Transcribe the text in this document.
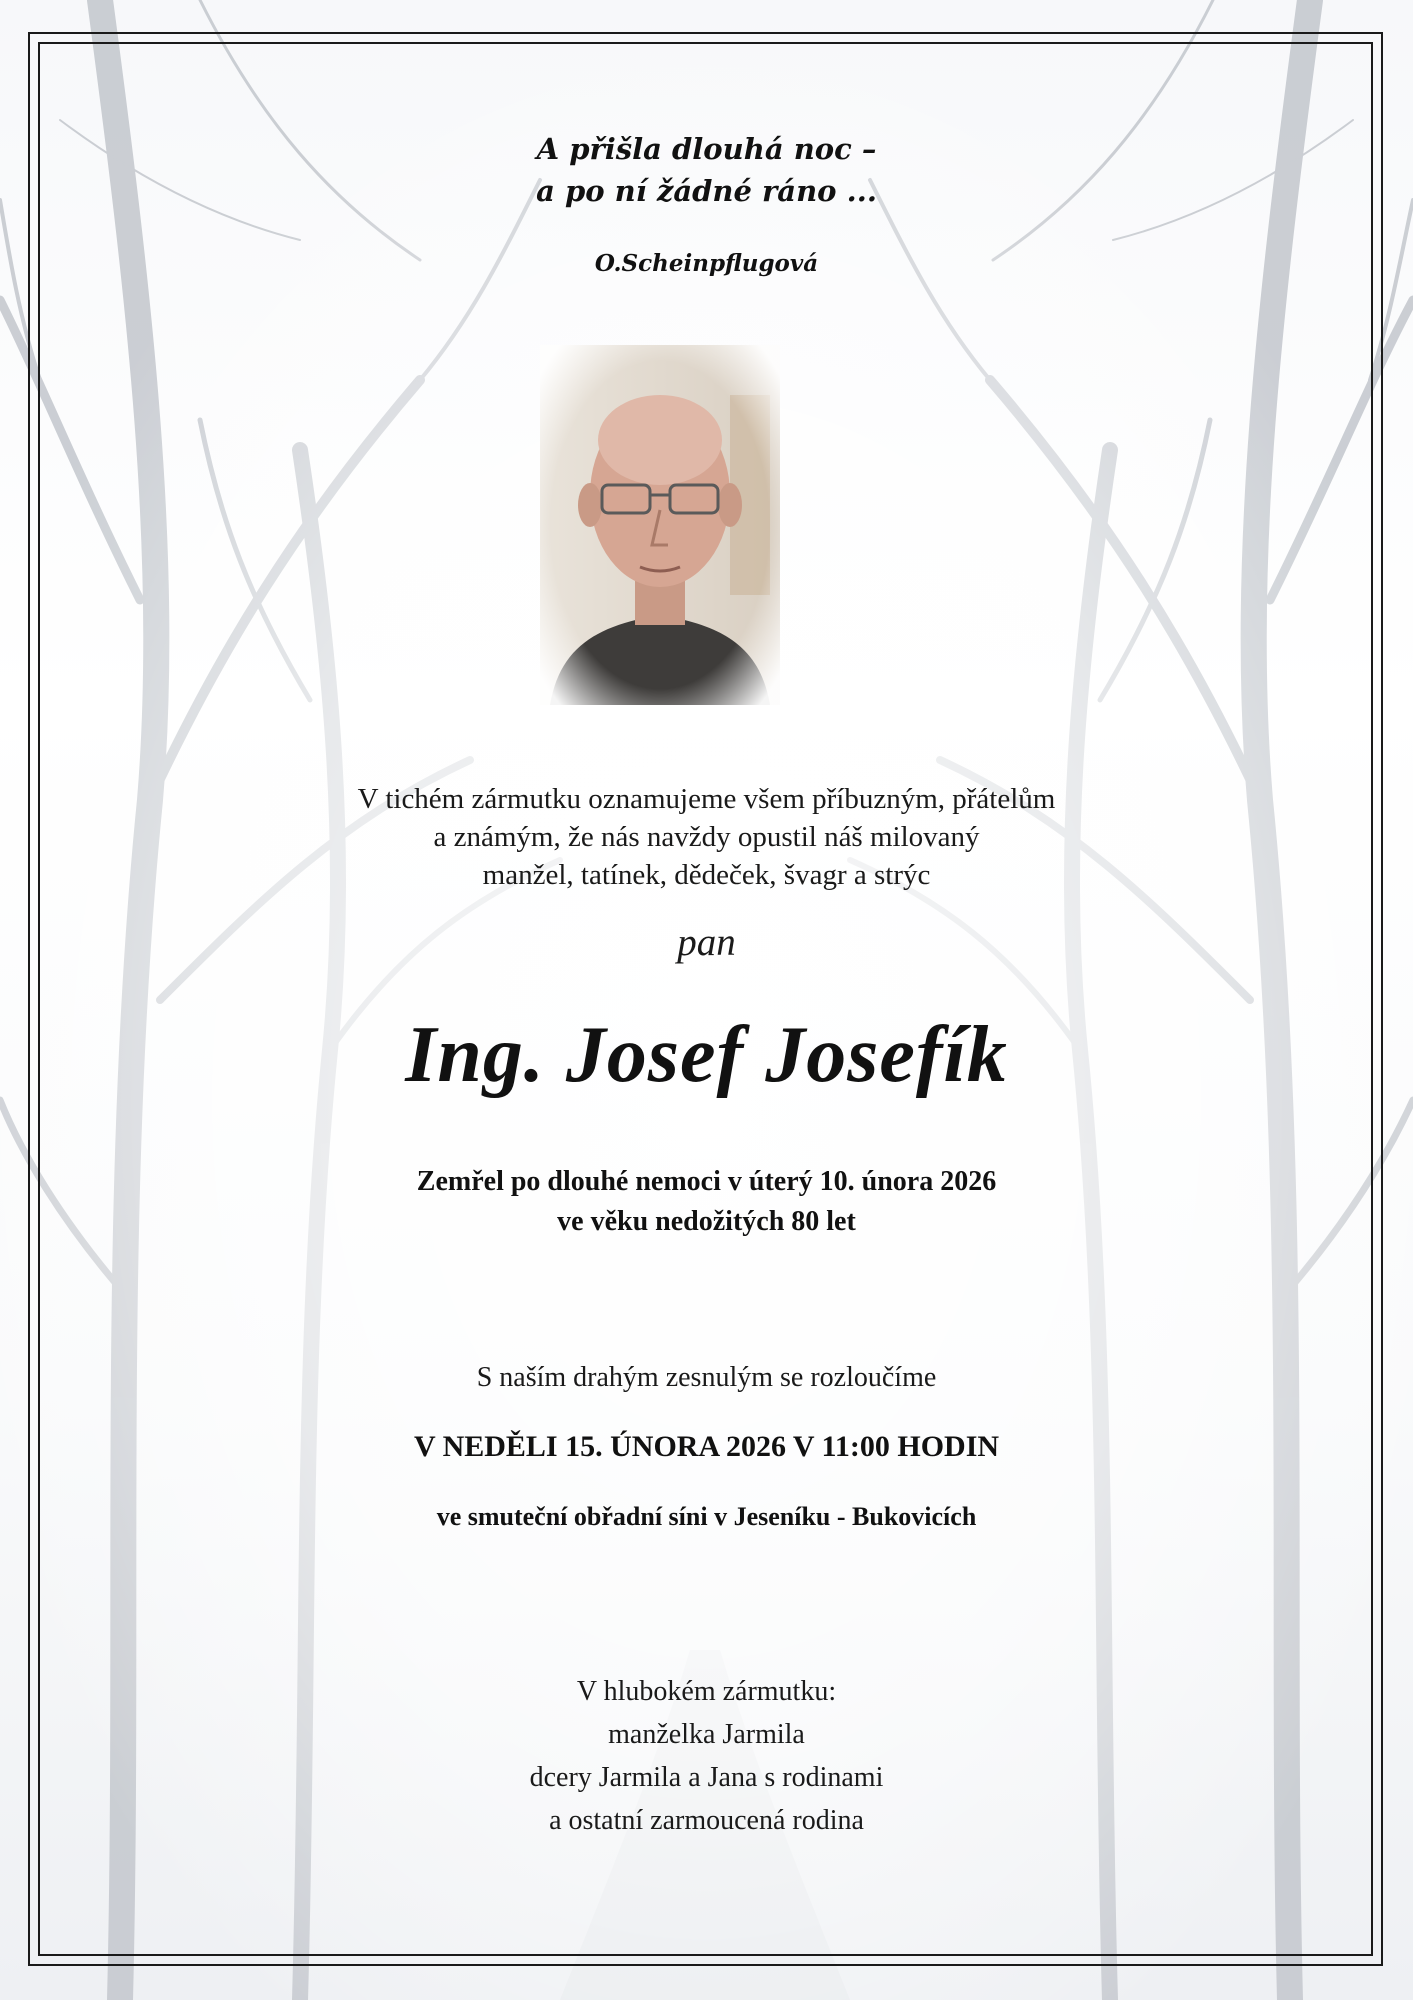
A přišla dlouhá noc –
a po ní žádné ráno ...
O.Scheinpflugová
V tichém zármutku oznamujeme všem příbuzným, přátelům
a známým, že nás navždy opustil náš milovaný
manžel, tatínek, dědeček, švagr a strýc
pan
Ing. Josef Josefík
Zemřel po dlouhé nemoci v úterý 10. února 2026
ve věku nedožitých 80 let
S naším drahým zesnulým se rozloučíme
V NEDĚLI 15. ÚNORA 2026 V 11:00 HODIN
ve smuteční obřadní síni v Jeseníku - Bukovicích
V hlubokém zármutku:
manželka Jarmila
dcery Jarmila a Jana s rodinami
a ostatní zarmoucená rodina
